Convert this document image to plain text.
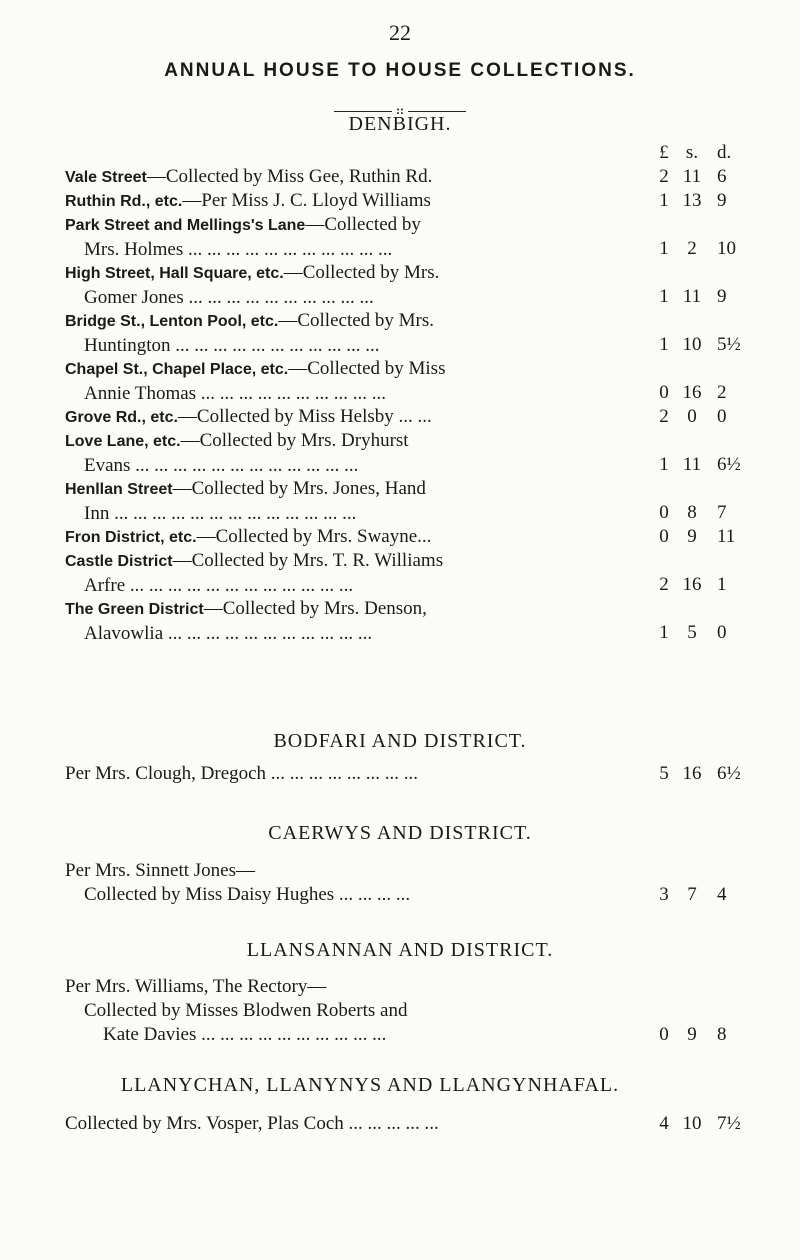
22
ANNUAL HOUSE TO HOUSE COLLECTIONS.
::
DENBIGH.
£ s. d.
Vale Street—Collected by Miss Gee, Ruthin Rd.	2 11 6
Ruthin Rd., etc.—Per Miss J. C. Lloyd Williams	1 13 9
Park Street and Mellings's Lane—Collected by
Mrs. Holmes ... ... ... ... ... ... ... ... ... ... ...	1 2	10
High Street, Hall Square, etc.—Collected by Mrs.
Gomer Jones ... ... ... ... ... ... ... ... ... ...	1 11 9
Bridge St., Lenton Pool, etc.—Collected by Mrs.
Huntington ... ... ... ... ... ... ... ... ... ... ...	1 10 5½
Chapel St., Chapel Place, etc.—Collected by Miss
Annie Thomas ... ... ... ... ... ... ... ... ... ...	0 16 2
Grove Rd., etc.—Collected by Miss Helsby ... ...	2 0	0
Love Lane, etc.—Collected by Mrs. Dryhurst
Evans ... ... ... ... ... ... ... ... ... ... ... ...	1 11 6½
Henllan Street—Collected by Mrs. Jones, Hand
Inn ... ... ... ... ... ... ... ... ... ... ... ... ...	0 8	7
Fron District, etc.—Collected by Mrs. Swayne...	0 9	11
Castle District—Collected by Mrs. T. R. Williams
Arfre ... ... ... ... ... ... ... ... ... ... ... ...	2 16 1
The Green District—Collected by Mrs. Denson,
Alavowlia ... ... ... ... ... ... ... ... ... ... ...	1 5	0
BODFARI AND DISTRICT.
Per Mrs. Clough, Dregoch ... ... ... ... ... ... ... ...	5 16 6½
CAERWYS AND DISTRICT.
Per Mrs. Sinnett Jones—
Collected by Miss Daisy Hughes ... ... ... ...	3 7	4
LLANSANNAN AND DISTRICT.
Per Mrs. Williams, The Rectory—
Collected by Misses Blodwen Roberts and
Kate Davies ... ... ... ... ... ... ... ... ... ...	0 9	8
LLANYCHAN, LLANYNYS AND LLANGYNHAFAL.
Collected by Mrs. Vosper, Plas Coch ... ... ... ... ...	4 10 7½
